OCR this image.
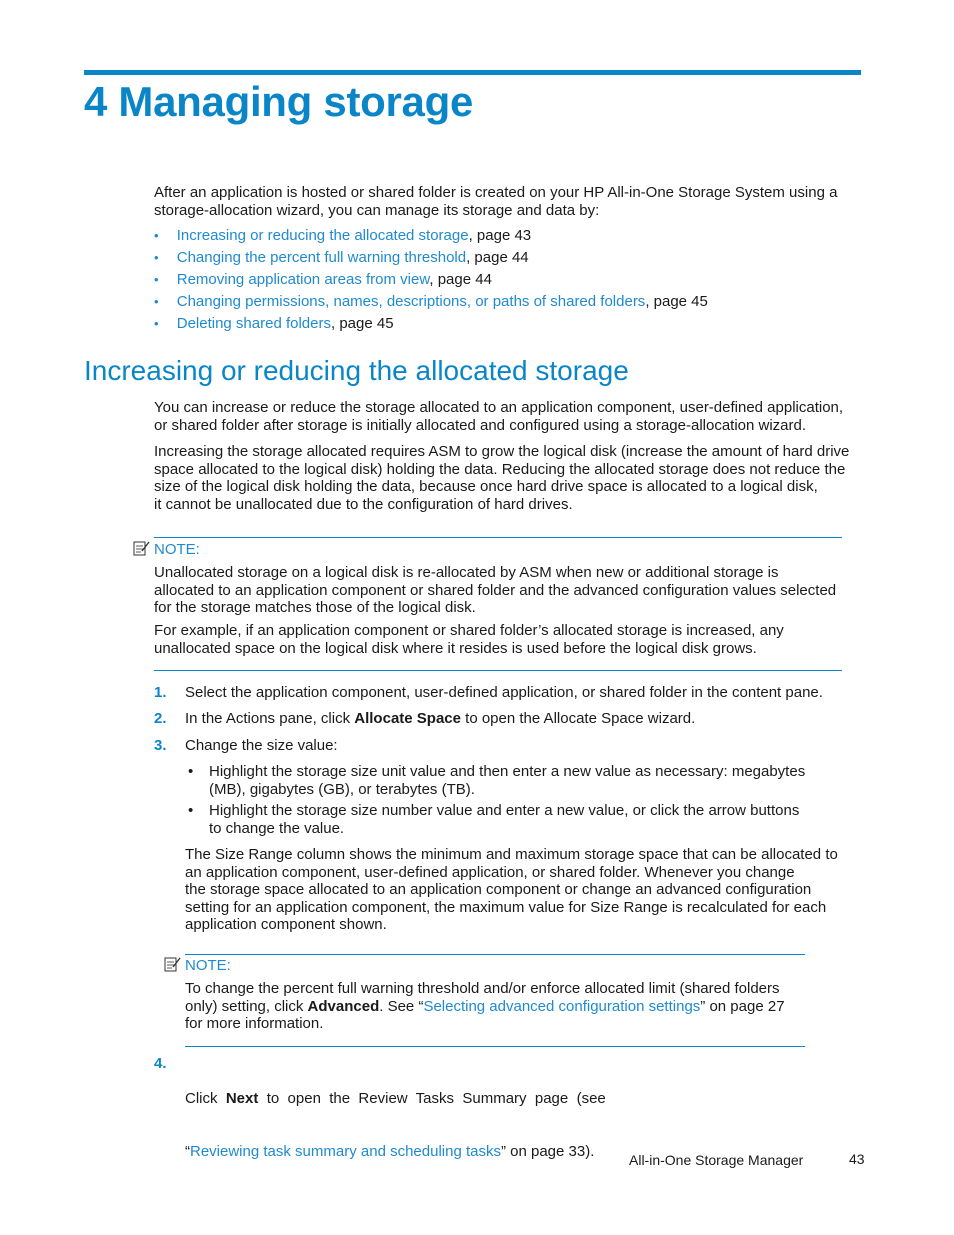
4 Managing storage
After an application is hosted or shared folder is created on your HP All-in-One Storage System using a
storage-allocation wizard, you can manage its storage and data by:
• Increasing or reducing the allocated storage, page 43
• Changing the percent full warning threshold, page 44
• Removing application areas from view, page 44
• Changing permissions, names, descriptions, or paths of shared folders, page 45
• Deleting shared folders, page 45
Increasing or reducing the allocated storage
You can increase or reduce the storage allocated to an application component, user-defined application,
or shared folder after storage is initially allocated and configured using a storage-allocation wizard.
Increasing the storage allocated requires ASM to grow the logical disk (increase the amount of hard drive
space allocated to the logical disk) holding the data. Reducing the allocated storage does not reduce the
size of the logical disk holding the data, because once hard drive space is allocated to a logical disk,
it cannot be unallocated due to the configuration of hard drives.
NOTE:
Unallocated storage on a logical disk is re-allocated by ASM when new or additional storage is
allocated to an application component or shared folder and the advanced configuration values selected
for the storage matches those of the logical disk.
For example, if an application component or shared folder’s allocated storage is increased, any
unallocated space on the logical disk where it resides is used before the logical disk grows.
1. Select the application component, user-defined application, or shared folder in the content pane.
2. In the Actions pane, click Allocate Space to open the Allocate Space wizard.
3. Change the size value:
• Highlight the storage size unit value and then enter a new value as necessary: megabytes
(MB), gigabytes (GB), or terabytes (TB).
• Highlight the storage size number value and enter a new value, or click the arrow buttons
to change the value.
The Size Range column shows the minimum and maximum storage space that can be allocated to
an application component, user-defined application, or shared folder. Whenever you change
the storage space allocated to an application component or change an advanced configuration
setting for an application component, the maximum value for Size Range is recalculated for each
application component shown.
NOTE:
To change the percent full warning threshold and/or enforce allocated limit (shared folders
only) setting, click Advanced. See “Selecting advanced configuration settings” on page 27
for more information.
4.

Click  Next  to  open  the  Review  Tasks  Summary  page  (see

“Reviewing task summary and scheduling tasks” on page 33).

All-in-One Storage Manager	43
